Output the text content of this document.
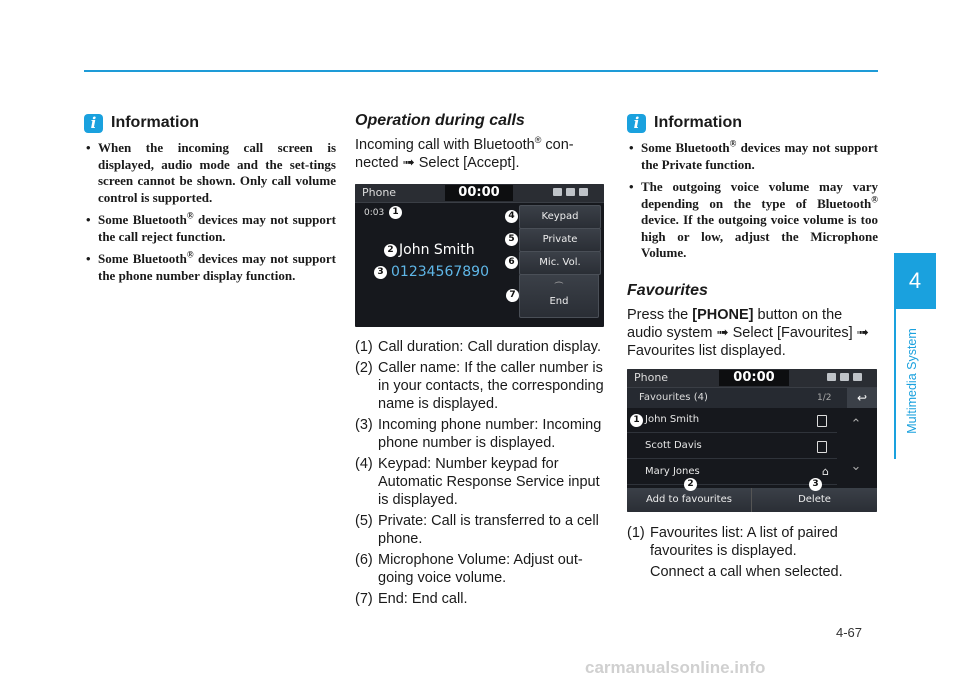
i Information
• When the incoming call screen is displayed, audio mode and the set-tings screen cannot be shown. Only call volume control is supported.
• Some Bluetooth® devices may not support the call reject function.
• Some Bluetooth® devices may not support the phone number display function.
Operation during calls

Incoming call with Bluetooth® con-nected ➟ Select [Accept].

Phone	00:00
0:03
John Smith
01234567890
Keypad
Private
Mic. Vol.
⏜
End
1
2
3
4
5
6
7
(1) Call duration: Call duration display.
(2) Caller name: If the caller number is in your contacts, the corresponding name is displayed.
(3) Incoming phone number: Incoming phone number is displayed.
(4) Keypad: Number keypad for Automatic Response Service input is displayed.
(5) Private: Call is transferred to a cell phone.
(6) Microphone Volume: Adjust out-going voice volume.
(7) End: End call.
i Information
• Some Bluetooth® devices may not support the Private function.
• The outgoing voice volume may vary depending on the type of Bluetooth® device. If the outgoing voice volume is too high or low, adjust the Microphone Volume.
Favourites

Press the [PHONE] button on the audio system ➟ Select [Favourites] ➟ Favourites list displayed.

Phone	00:00
Favourites (4)	1/2	↩
John Smith
Scott Davis
Mary Jones	⌂
⌃
⌄
Add to favourites	Delete
1
2	3
(1) Favourites list: A list of paired favourites is displayed.
Connect a call when selected.
4
Multimedia System
4-67
carmanualsonline.info
